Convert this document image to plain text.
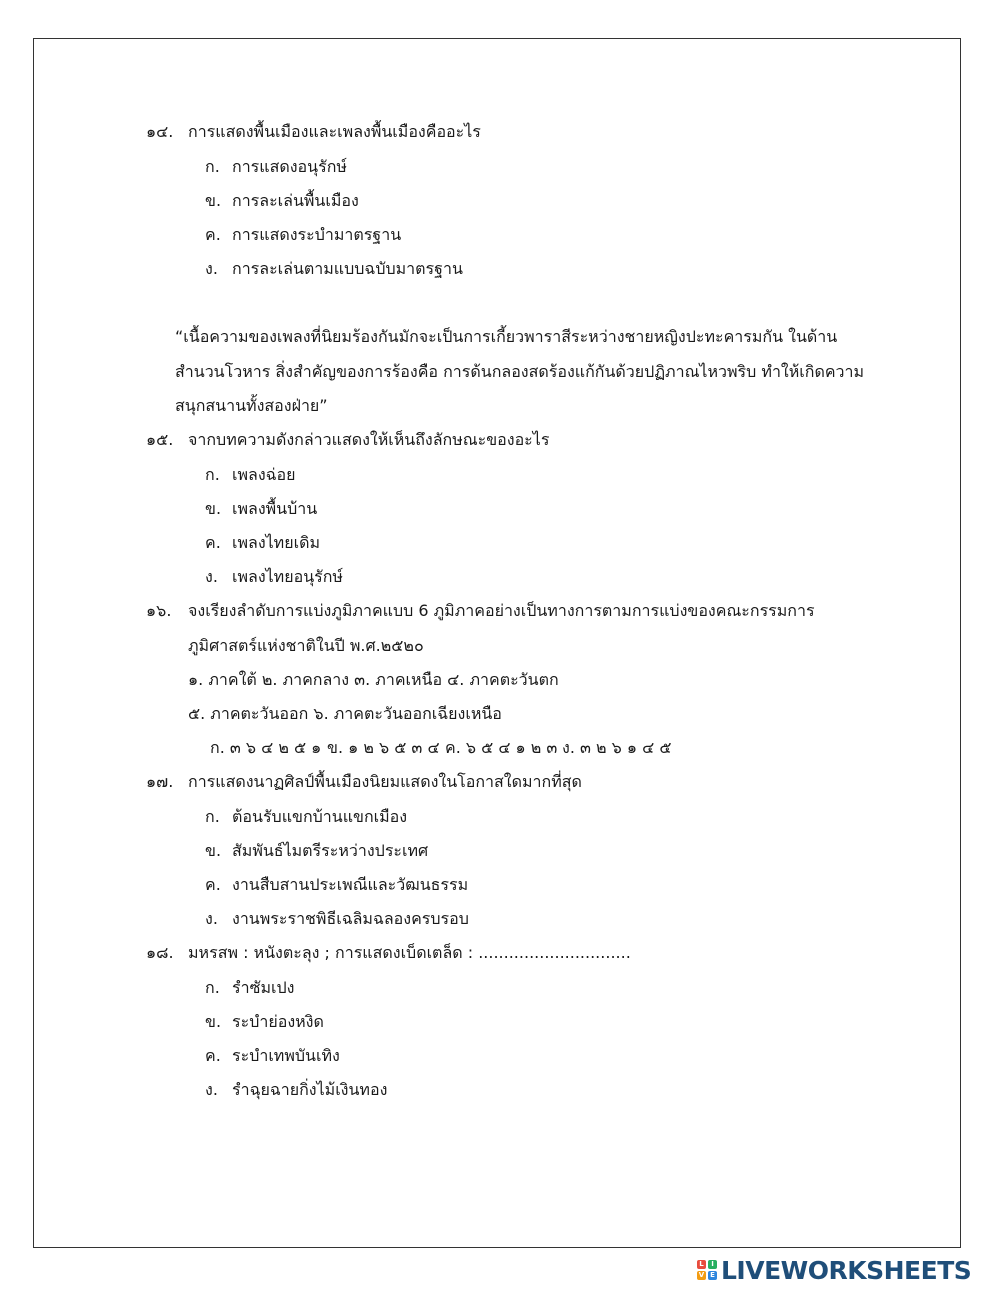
๑๔. การแสดงพื้นเมืองและเพลงพื้นเมืองคืออะไร
ก. การแสดงอนุรักษ์
ข. การละเล่นพื้นเมือง
ค. การแสดงระบำมาตรฐาน
ง. การละเล่นตามแบบฉบับมาตรฐาน
“เนื้อความของเพลงที่นิยมร้องกันมักจะเป็นการเกี้ยวพาราสีระหว่างชายหญิงปะทะคารมกัน ในด้าน
สำนวนโวหาร สิ่งสำคัญของการร้องคือ การด้นกลองสดร้องแก้กันด้วยปฏิภาณไหวพริบ ทำให้เกิดความ
สนุกสนานทั้งสองฝ่าย”
๑๕. จากบทความดังกล่าวแสดงให้เห็นถึงลักษณะของอะไร
ก. เพลงฉ่อย
ข. เพลงพื้นบ้าน
ค. เพลงไทยเดิม
ง. เพลงไทยอนุรักษ์
๑๖. จงเรียงลำดับการแบ่งภูมิภาคแบบ 6 ภูมิภาคอย่างเป็นทางการตามการแบ่งของคณะกรรมการ
ภูมิศาสตร์แห่งชาติในปี พ.ศ.๒๕๒๐
๑. ภาคใต้ ๒. ภาคกลาง ๓. ภาคเหนือ ๔. ภาคตะวันตก
๕. ภาคตะวันออก ๖. ภาคตะวันออกเฉียงเหนือ
ก. ๓ ๖ ๔ ๒ ๕ ๑ ข. ๑ ๒ ๖ ๕ ๓ ๔ ค. ๖ ๕ ๔ ๑ ๒ ๓ ง. ๓ ๒ ๖ ๑ ๔ ๕
๑๗. การแสดงนาฏศิลป์พื้นเมืองนิยมแสดงในโอกาสใดมากที่สุด
ก. ต้อนรับแขกบ้านแขกเมือง
ข. สัมพันธ์ไมตรีระหว่างประเทศ
ค. งานสืบสานประเพณีและวัฒนธรรม
ง. งานพระราชพิธีเฉลิมฉลองครบรอบ
๑๘. มหรสพ : หนังตะลุง ; การแสดงเบ็ดเตล็ด : ..............................
ก. รำซัมเปง
ข. ระบำย่องหงิด
ค. ระบำเทพบันเทิง
ง. รำฉุยฉายกิ่งไม้เงินทอง
L	I
V E LIVEWORKSHEETS
